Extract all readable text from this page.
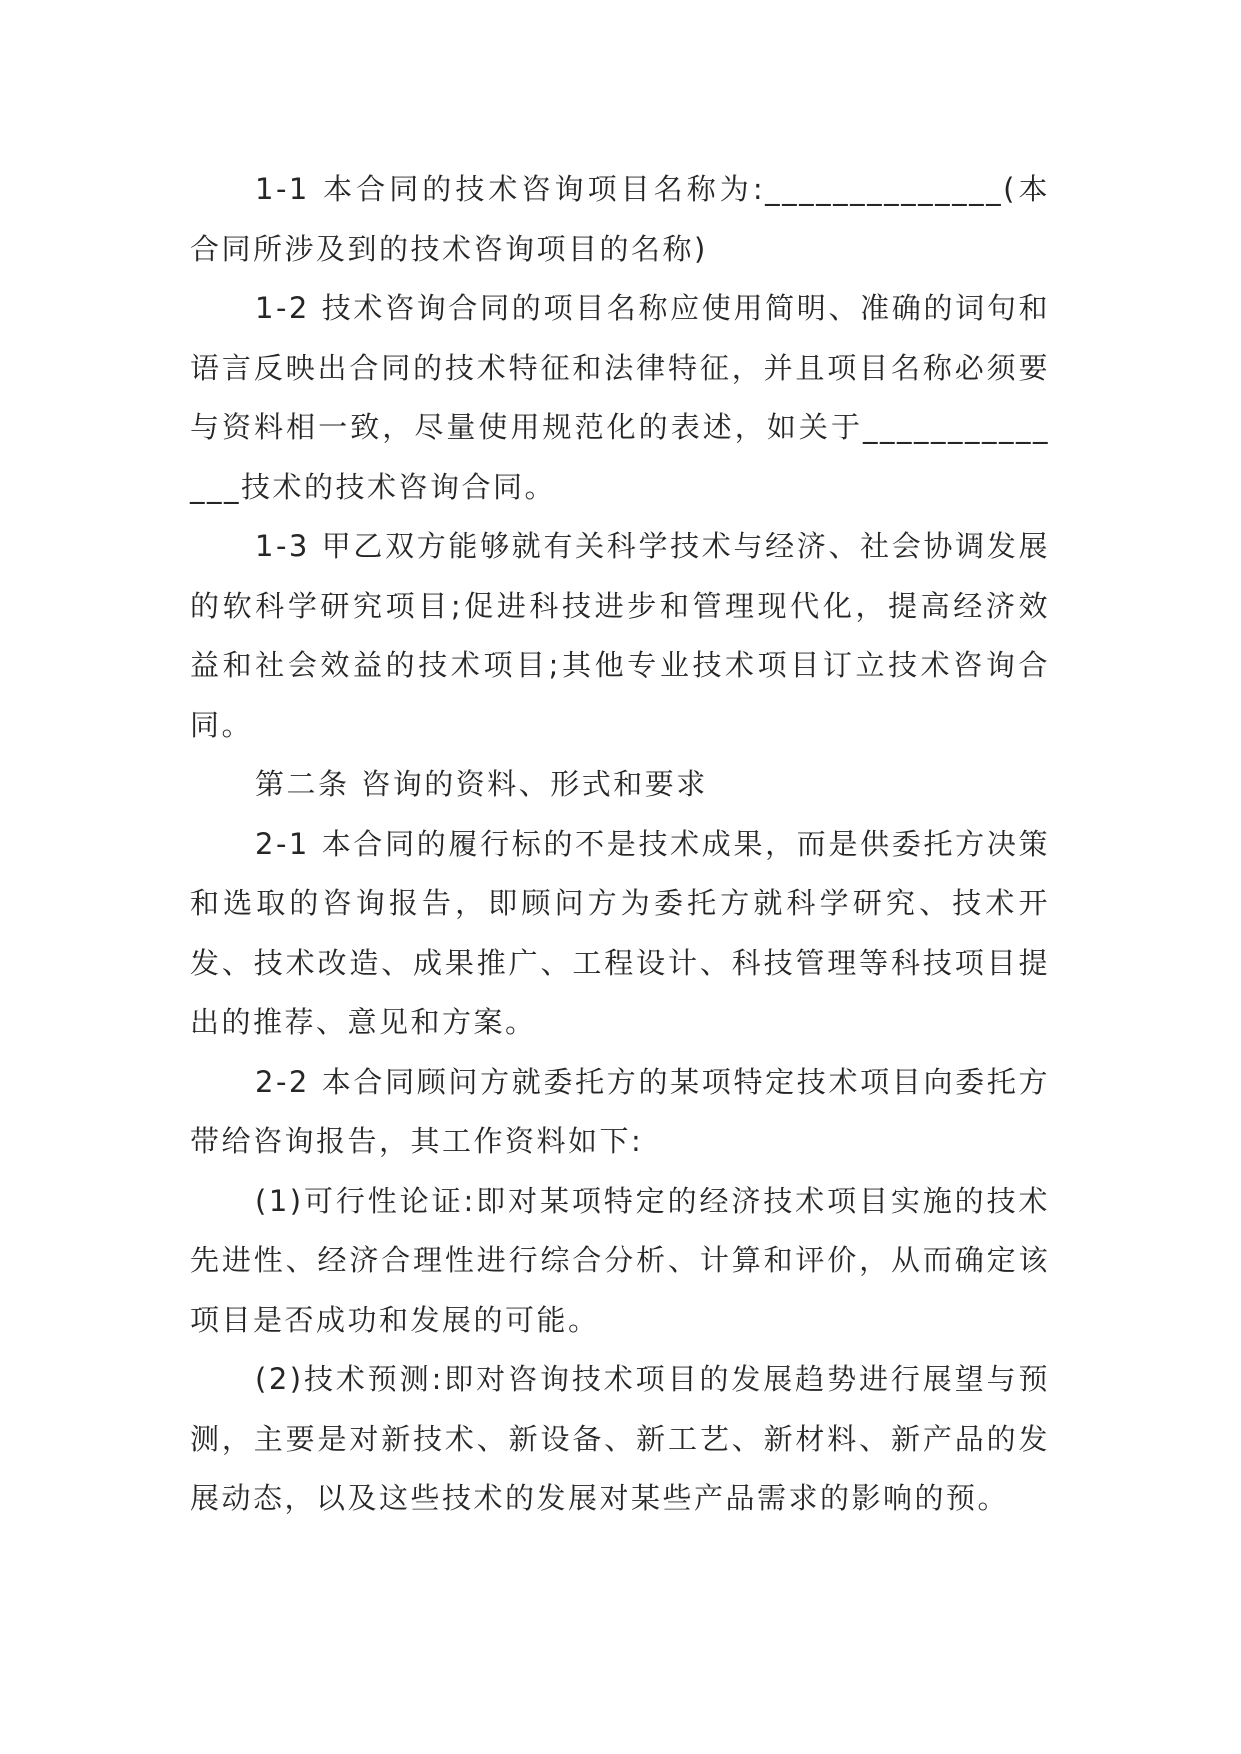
1-1 本合同的技术咨询项目名称为:______________(本合同所涉及到的技术咨询项目的名称)

1-2 技术咨询合同的项目名称应使用简明、准确的词句和语言反映出合同的技术特征和法律特征，并且项目名称必须要与资料相一致，尽量使用规范化的表述，如关于______________技术的技术咨询合同。

1-3 甲乙双方能够就有关科学技术与经济、社会协调发展的软科学研究项目;促进科技进步和管理现代化，提高经济效益和社会效益的技术项目;其他专业技术项目订立技术咨询合同。

第二条 咨询的资料、形式和要求

2-1 本合同的履行标的不是技术成果，而是供委托方决策和选取的咨询报告，即顾问方为委托方就科学研究、技术开发、技术改造、成果推广、工程设计、科技管理等科技项目提出的推荐、意见和方案。

2-2 本合同顾问方就委托方的某项特定技术项目向委托方带给咨询报告，其工作资料如下:

(1)可行性论证:即对某项特定的经济技术项目实施的技术先进性、经济合理性进行综合分析、计算和评价，从而确定该项目是否成功和发展的可能。

(2)技术预测:即对咨询技术项目的发展趋势进行展望与预测，主要是对新技术、新设备、新工艺、新材料、新产品的发展动态，以及这些技术的发展对某些产品需求的影响的预。
